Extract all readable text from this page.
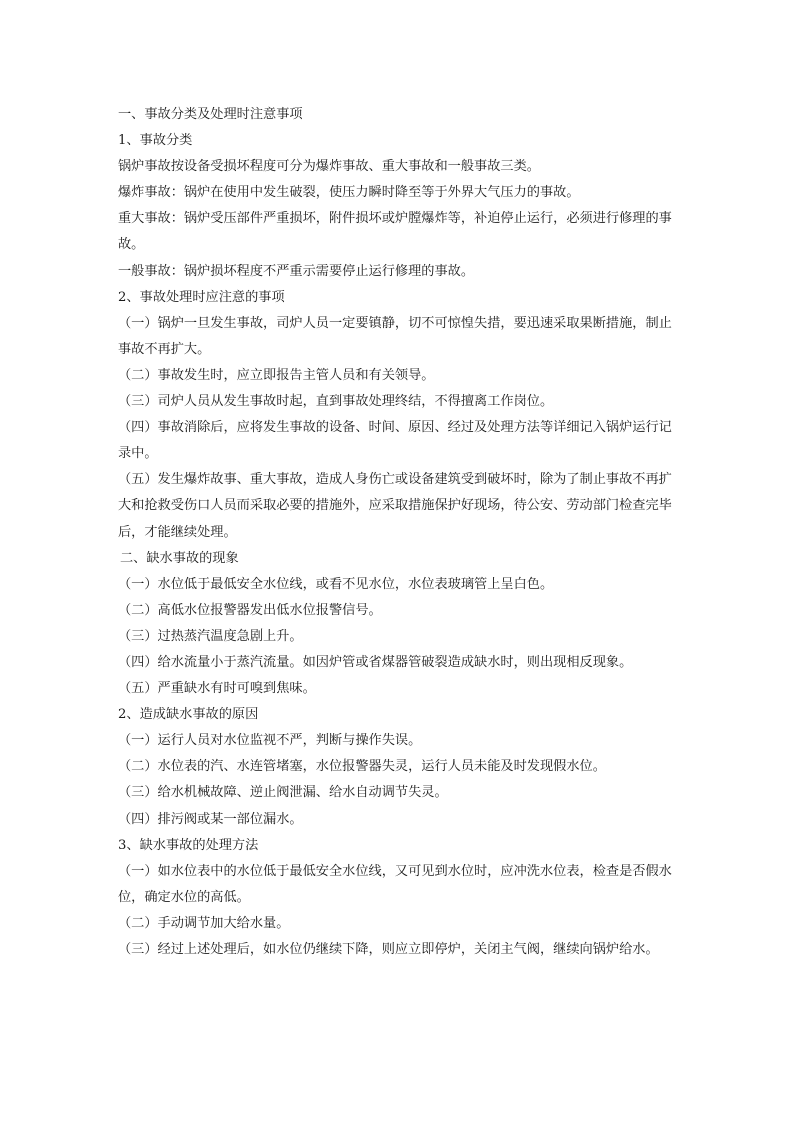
一、事故分类及处理时注意事项

1、事故分类

锅炉事故按设备受损坏程度可分为爆炸事故、重大事故和一般事故三类。

爆炸事故：锅炉在使用中发生破裂，使压力瞬时降至等于外界大气压力的事故。

重大事故：锅炉受压部件严重损坏，附件损坏或炉膛爆炸等，补迫停止运行，必须进行修理的事故。

一般事故：锅炉损坏程度不严重示需要停止运行修理的事故。

2、事故处理时应注意的事项

（一）锅炉一旦发生事故，司炉人员一定要镇静，切不可惊惶失措，要迅速采取果断措施，制止事故不再扩大。

（二）事故发生时，应立即报告主管人员和有关领导。

（三）司炉人员从发生事故时起，直到事故处理终结，不得擅离工作岗位。

（四）事故消除后，应将发生事故的设备、时间、原因、经过及处理方法等详细记入锅炉运行记录中。

（五）发生爆炸故事、重大事故，造成人身伤亡或设备建筑受到破坏时，除为了制止事故不再扩大和抢救受伤口人员而采取必要的措施外，应采取措施保护好现场，待公安、劳动部门检查完毕后，才能继续处理。

二、缺水事故的现象

（一）水位低于最低安全水位线，或看不见水位，水位表玻璃管上呈白色。

（二）高低水位报警器发出低水位报警信号。

（三）过热蒸汽温度急剧上升。

（四）给水流量小于蒸汽流量。如因炉管或省煤器管破裂造成缺水时，则出现相反现象。

（五）严重缺水有时可嗅到焦味。

2、造成缺水事故的原因

（一）运行人员对水位监视不严，判断与操作失误。

（二）水位表的汽、水连管堵塞，水位报警器失灵，运行人员未能及时发现假水位。

（三）给水机械故障、逆止阀泄漏、给水自动调节失灵。

（四）排污阀或某一部位漏水。

3、缺水事故的处理方法

（一）如水位表中的水位低于最低安全水位线，又可见到水位时，应冲洗水位表，检查是否假水位，确定水位的高低。

（二）手动调节加大给水量。

（三）经过上述处理后，如水位仍继续下降，则应立即停炉，关闭主气阀，继续向锅炉给水。
